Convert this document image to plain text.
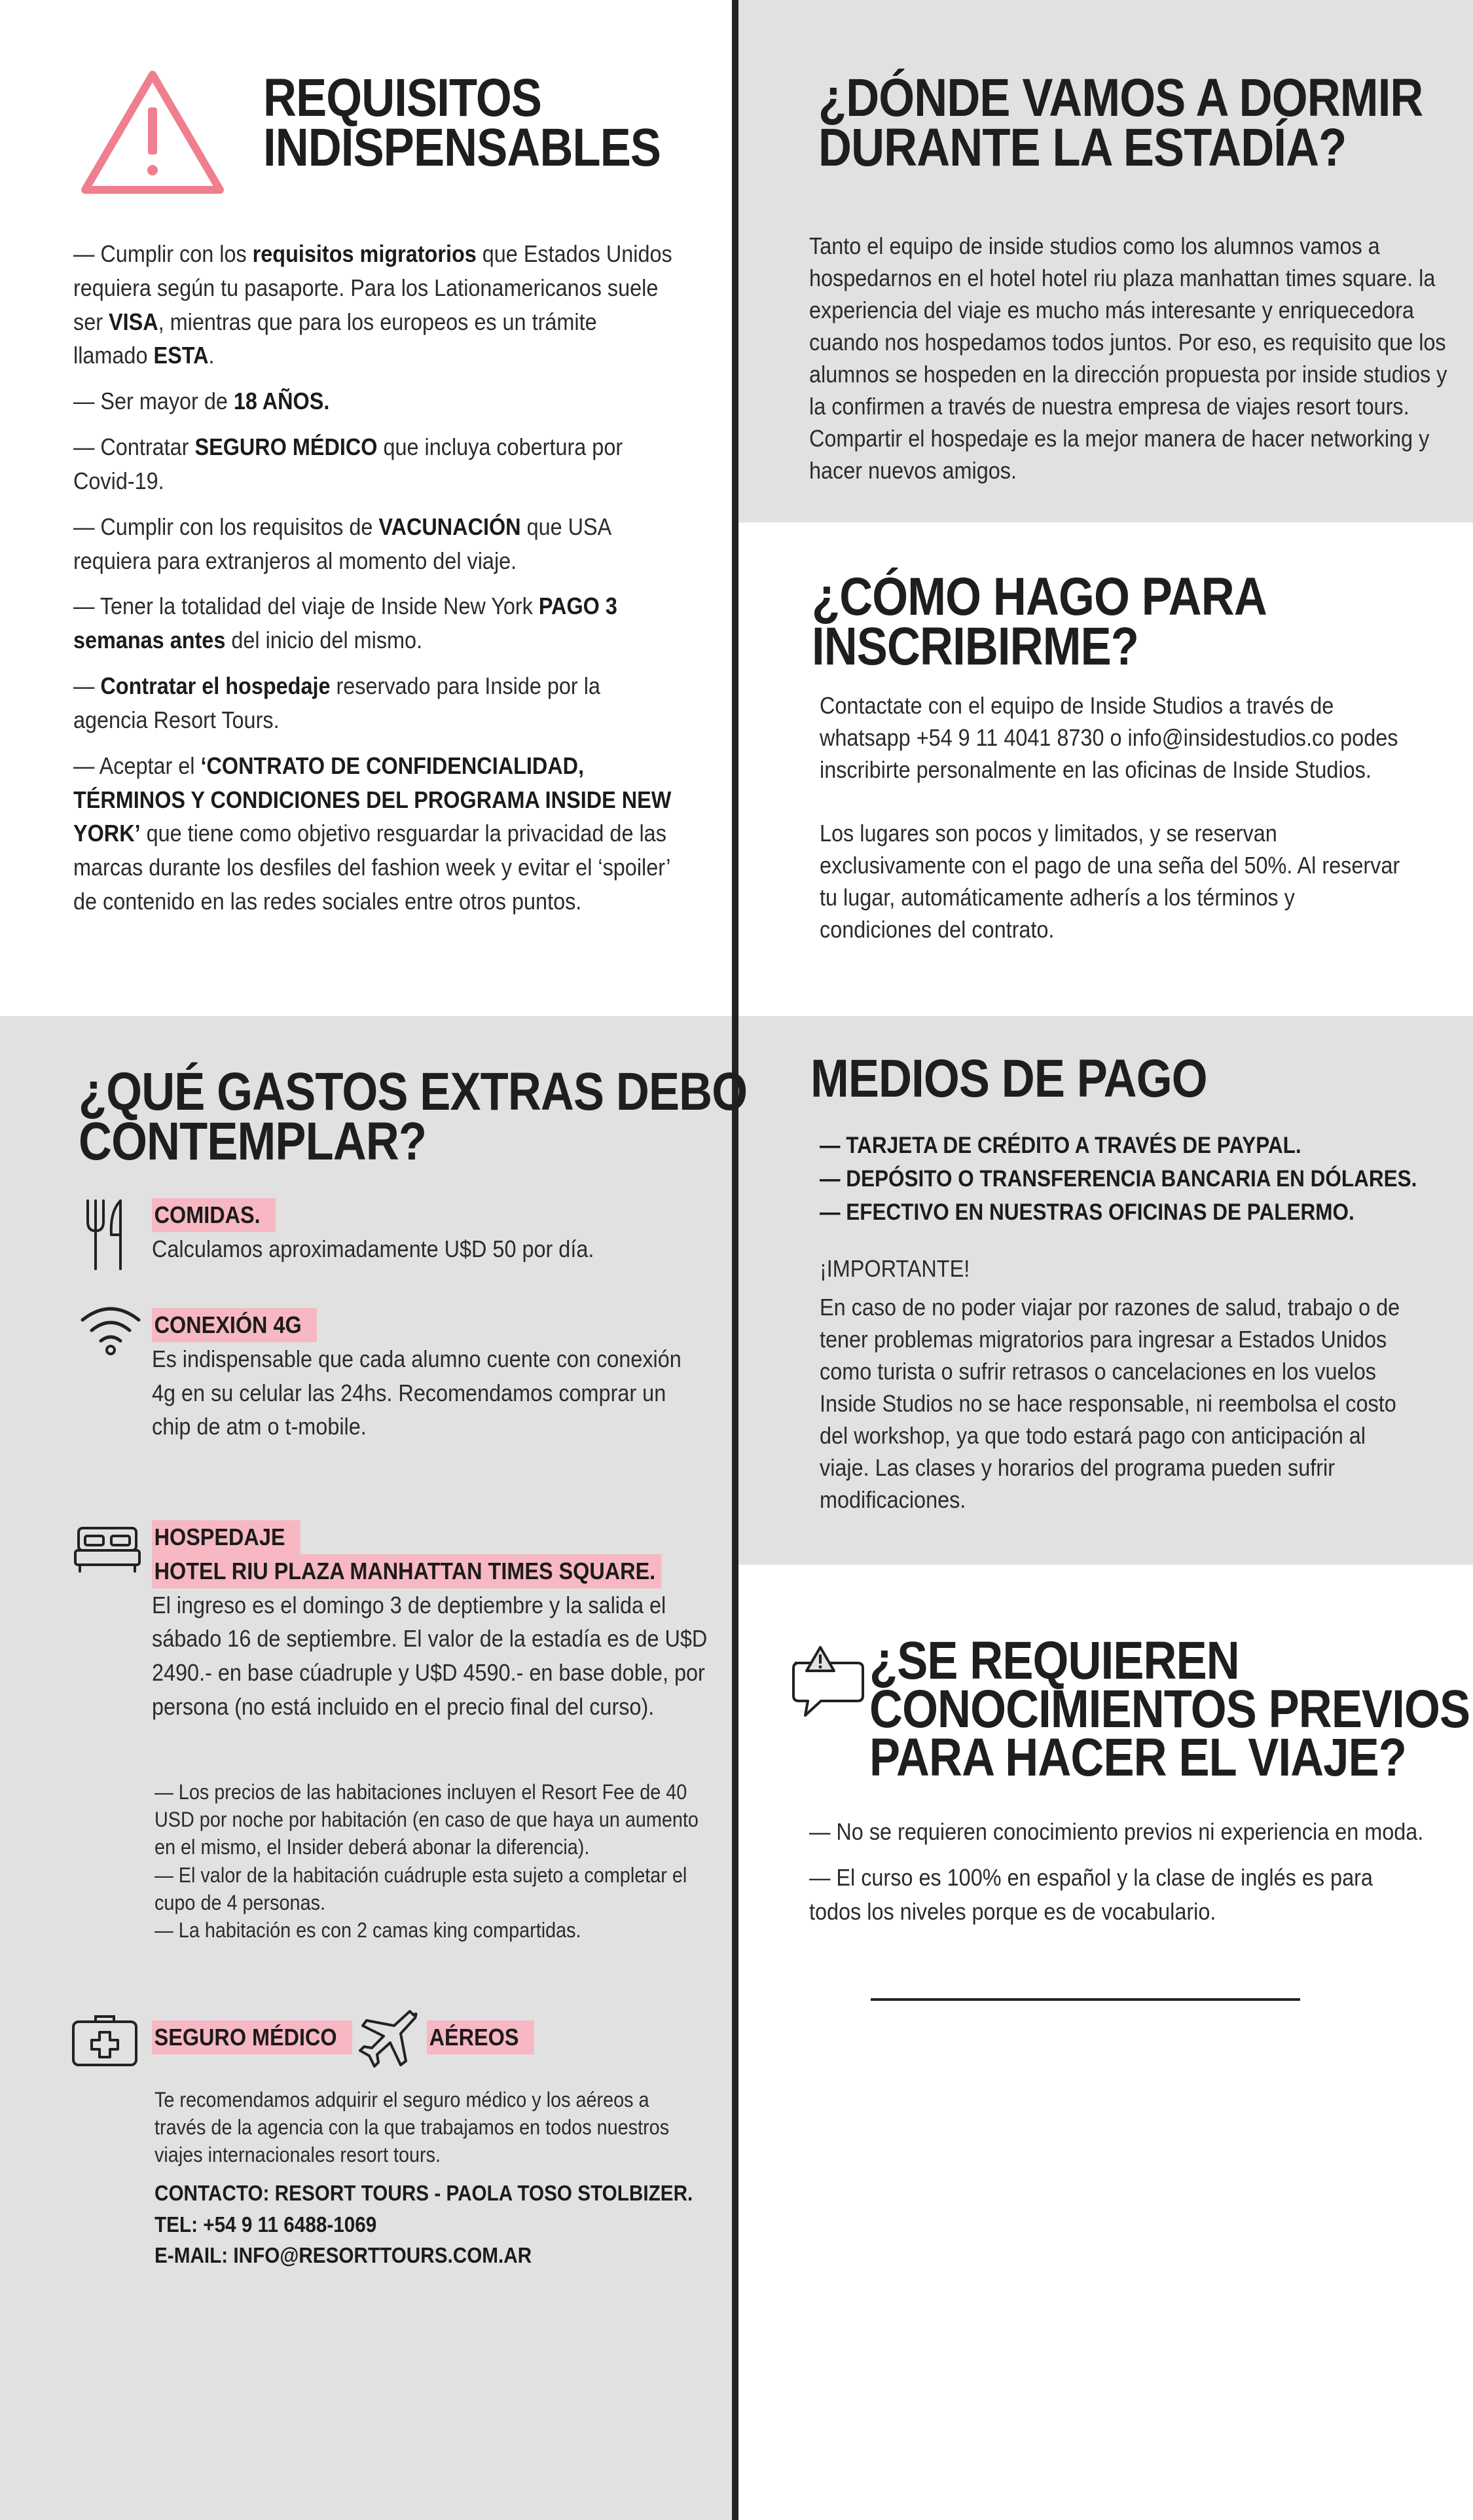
REQUISITOS
INDISPENSABLES

— Cumplir con los requisitos migratorios que Estados Unidos requiera según tu pasaporte. Para los Lationamericanos suele ser VISA, mientras que para los europeos es un trámite llamado ESTA.

— Ser mayor de 18 AÑOS.

— Contratar SEGURO MÉDICO que incluya cobertura por Covid-19.

— Cumplir con los requisitos de VACUNACIÓN que USA requiera para extranjeros al momento del viaje.

— Tener la totalidad del viaje de Inside New York PAGO 3 semanas antes del inicio del mismo.

— Contratar el hospedaje reservado para Inside por la agencia Resort Tours.

— Aceptar el ‘CONTRATO DE CONFIDENCIALIDAD, TÉRMINOS Y CONDICIONES DEL PROGRAMA INSIDE NEW YORK’ que tiene como objetivo resguardar la privacidad de las marcas durante los desfiles del fashion week y evitar el ‘spoiler’ de contenido en las redes sociales entre otros puntos.

¿DÓNDE VAMOS A DORMIR
DURANTE LA ESTADÍA?
Tanto el equipo de inside studios como los alumnos vamos a hospedarnos en el hotel hotel riu plaza manhattan times square. la experiencia del viaje es mucho más interesante y enriquecedora cuando nos hospedamos todos juntos. Por eso, es requisito que los alumnos se hospeden en la dirección propuesta por inside studios y la confirmen a través de nuestra empresa de viajes resort tours. Compartir el hospedaje es la mejor manera de hacer networking y hacer nuevos amigos.
¿CÓMO HAGO PARA
INSCRIBIRME?

Contactate con el equipo de Inside Studios a través de whatsapp +54 9 11 4041 8730 o info@insidestudios.co podes inscribirte personalmente en las oficinas de Inside Studios.

Los lugares son pocos y limitados, y se reservan exclusivamente con el pago de una seña del 50%. Al reservar tu lugar, automáticamente adherís a los términos y condiciones del contrato.

¿QUÉ GASTOS EXTRAS DEBO
CONTEMPLAR?
COMIDAS.
Calculamos aproximadamente U$D 50 por día.
CONEXIÓN 4G
Es indispensable que cada alumno cuente con conexión 4g en su celular las 24hs. Recomendamos comprar un chip de atm o t-mobile.
HOSPEDAJE
HOTEL RIU PLAZA MANHATTAN TIMES SQUARE.
El ingreso es el domingo 3 de deptiembre y la salida el sábado 16 de septiembre. El valor de la estadía es de U$D 2490.- en base cúadruple y U$D 4590.- en base doble, por persona (no está incluido en el precio final del curso).
— Los precios de las habitaciones incluyen el Resort Fee de 40 USD por noche por habitación (en caso de que haya un aumento en el mismo, el Insider deberá abonar la diferencia).
— El valor de la habitación cuádruple esta sujeto a completar el cupo de 4 personas.
— La habitación es con 2 camas king compartidas.
SEGURO MÉDICO	AÉREOS
Te recomendamos adquirir el seguro médico y los aéreos a través de la agencia con la que trabajamos en todos nuestros viajes internacionales resort tours.
CONTACTO: RESORT TOURS - PAOLA TOSO STOLBIZER.
TEL: +54 9 11 6488-1069
E-MAIL: INFO@RESORTTOURS.COM.AR
MEDIOS DE PAGO
— TARJETA DE CRÉDITO A TRAVÉS DE PAYPAL.
— DEPÓSITO O TRANSFERENCIA BANCARIA EN DÓLARES.
— EFECTIVO EN NUESTRAS OFICINAS DE PALERMO.
¡IMPORTANTE!
En caso de no poder viajar por razones de salud, trabajo o de tener problemas migratorios para ingresar a Estados Unidos como turista o sufrir retrasos o cancelaciones en los vuelos Inside Studios no se hace responsable, ni reembolsa el costo del workshop, ya que todo estará pago con anticipación al viaje. Las clases y horarios del programa pueden sufrir modificaciones.
¿SE REQUIEREN
CONOCIMIENTOS PREVIOS
PARA HACER EL VIAJE?

— No se requieren conocimiento previos ni experiencia en moda.

— El curso es 100% en español y la clase de inglés es para todos los niveles porque es de vocabulario.
